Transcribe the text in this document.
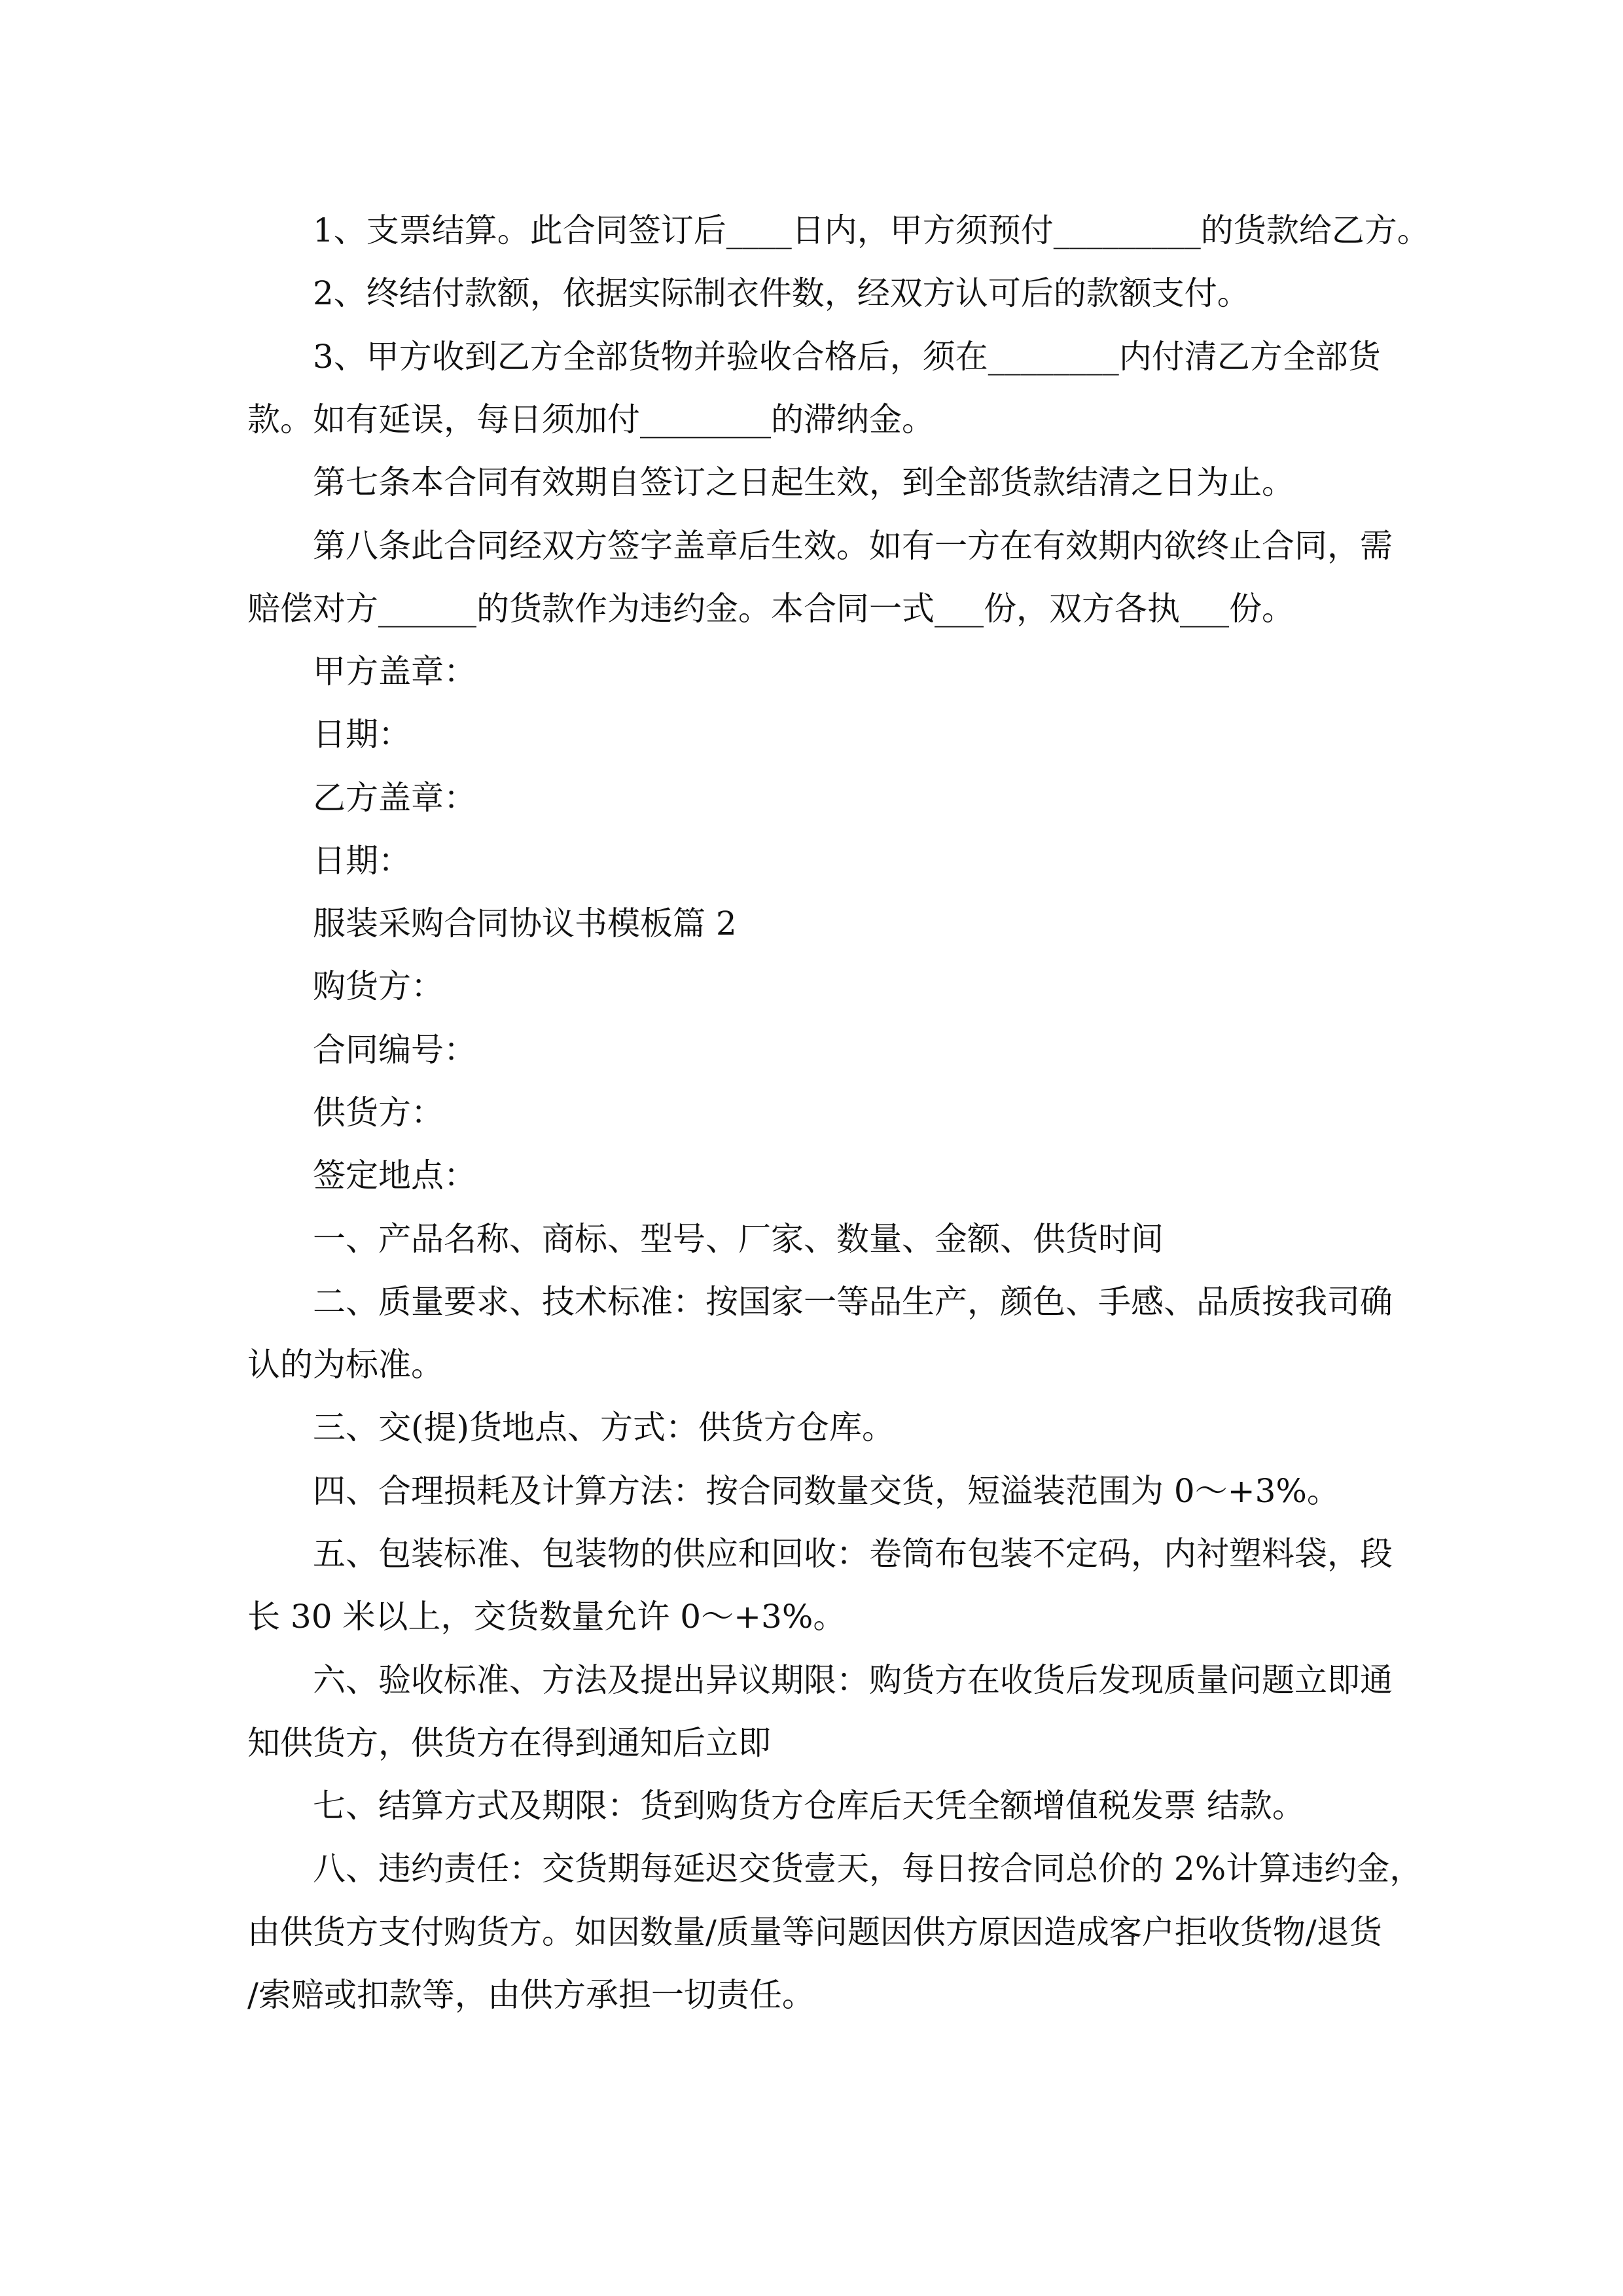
1、支票结算。此合同签订后____日内，甲方须预付_________的货款给乙方。
2、终结付款额，依据实际制衣件数，经双方认可后的款额支付。
3、甲方收到乙方全部货物并验收合格后，须在________内付清乙方全部货
款。如有延误，每日须加付________的滞纳金。
第七条本合同有效期自签订之日起生效，到全部货款结清之日为止。
第八条此合同经双方签字盖章后生效。如有一方在有效期内欲终止合同，需
赔偿对方______的货款作为违约金。本合同一式___份，双方各执___份。
甲方盖章：
日期：
乙方盖章：
日期：
服装采购合同协议书模板篇 2
购货方：
合同编号：
供货方：
签定地点：
一、产品名称、商标、型号、厂家、数量、金额、供货时间
二、质量要求、技术标准：按国家一等品生产，颜色、手感、品质按我司确
认的为标准。
三、交(提)货地点、方式：供货方仓库。
四、合理损耗及计算方法：按合同数量交货，短溢装范围为 0～+3%。
五、包装标准、包装物的供应和回收：卷筒布包装不定码，内衬塑料袋，段
长 30 米以上，交货数量允许 0～+3%。
六、验收标准、方法及提出异议期限：购货方在收货后发现质量问题立即通
知供货方，供货方在得到通知后立即
七、结算方式及期限：货到购货方仓库后天凭全额增值税发票 结款。
八、违约责任：交货期每延迟交货壹天，每日按合同总价的 2%计算违约金，
由供货方支付购货方。如因数量/质量等问题因供方原因造成客户拒收货物/退货
/索赔或扣款等，由供方承担一切责任。
